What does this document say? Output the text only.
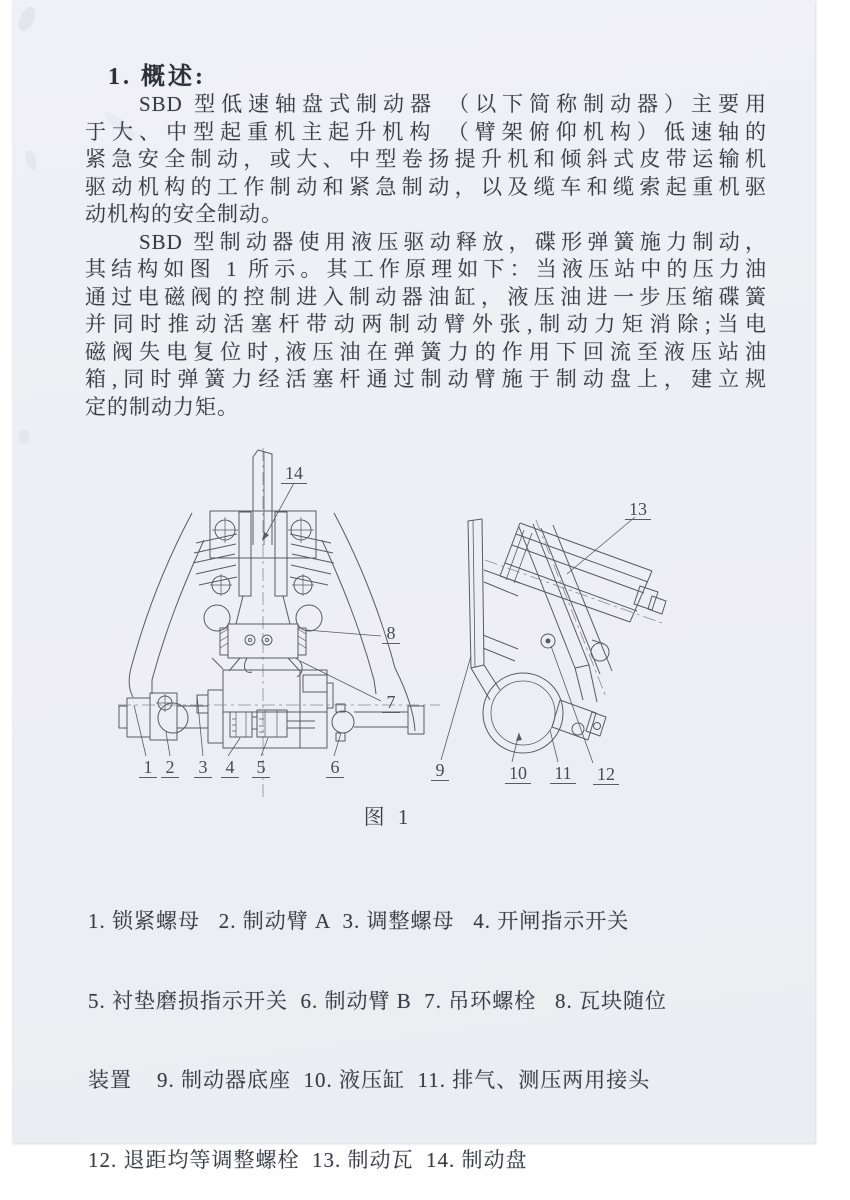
1. 概述:
SBD 型低速轴盘式制动器 （以下简称制动器）主要用
于大、中型起重机主起升机构 （臂架俯仰机构）低速轴的
紧急安全制动，或大、中型卷扬提升机和倾斜式皮带运输机
驱动机构的工作制动和紧急制动，以及缆车和缆索起重机驱
动机构的安全制动。
SBD 型制动器使用液压驱动释放，碟形弹簧施力制动，
其结构如图 1 所示。其工作原理如下：当液压站中的压力油
通过电磁阀的控制进入制动器油缸，液压油进一步压缩碟簧
并同时推动活塞杆带动两制动臂外张,制动力矩消除;当电
磁阀失电复位时,液压油在弹簧力的作用下回流至液压站油
箱,同时弹簧力经活塞杆通过制动臂施于制动盘上，建立规
定的制动力矩。
1 2 3 4 5	6
7
8
9	10 11 12
13
14
图 1

1. 锁紧螺母   2. 制动臂 A  3. 调整螺母   4. 开闸指示开关

5. 衬垫磨损指示开关  6. 制动臂 B  7. 吊环螺栓   8. 瓦块随位

装置    9. 制动器底座  10. 液压缸  11. 排气、测压两用接头

12. 退距均等调整螺栓  13. 制动瓦  14. 制动盘
